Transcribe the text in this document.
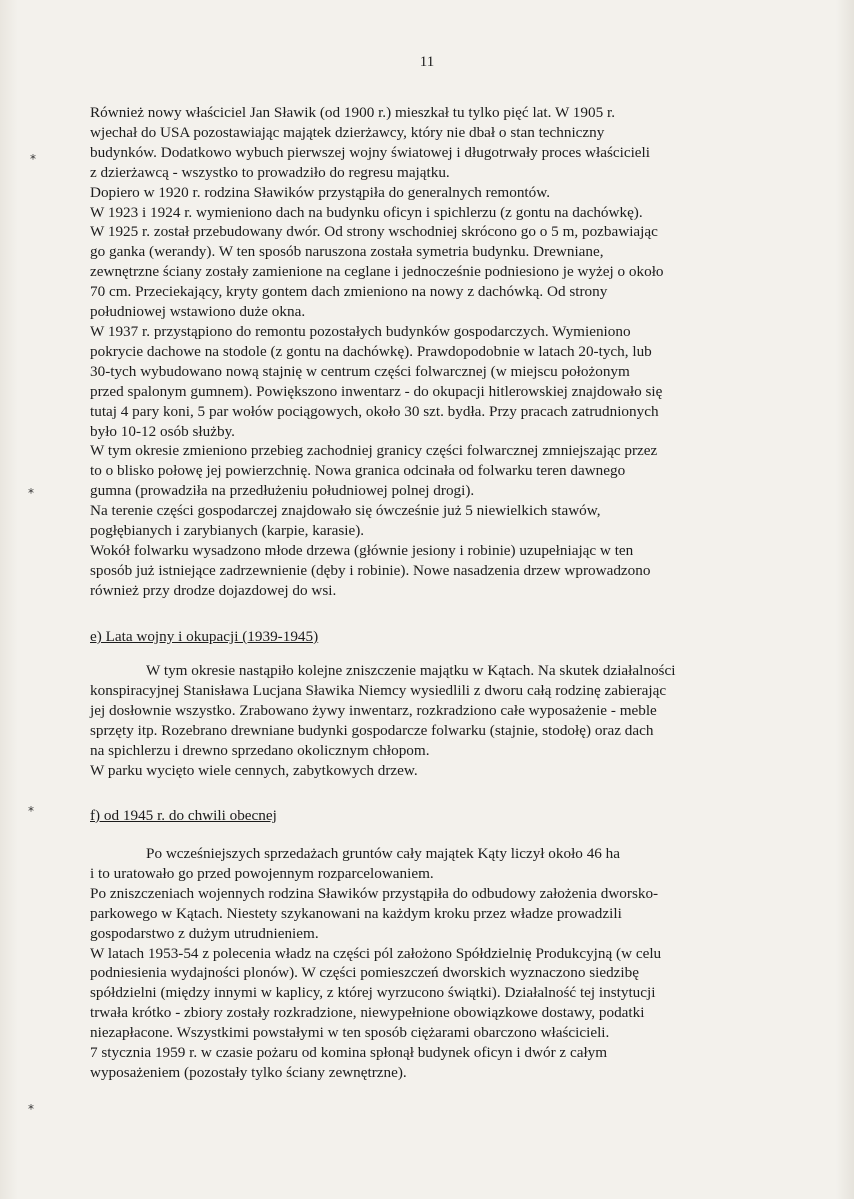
11
*
*
*
*
Również nowy właściciel Jan Sławik (od 1900 r.) mieszkał tu tylko pięć lat. W 1905 r.
wjechał do USA pozostawiając majątek dzierżawcy, który nie dbał o stan techniczny
budynków. Dodatkowo wybuch pierwszej wojny światowej i długotrwały proces właścicieli
z dzierżawcą - wszystko to prowadziło do regresu majątku.
Dopiero w 1920 r. rodzina Sławików przystąpiła do generalnych remontów.
W 1923 i 1924 r. wymieniono dach na budynku oficyn i spichlerzu (z gontu na dachówkę).
W 1925 r. został przebudowany dwór. Od strony wschodniej skrócono go o 5 m, pozbawiając
go ganka (werandy). W ten sposób naruszona została symetria budynku. Drewniane,
zewnętrzne ściany zostały zamienione na ceglane i jednocześnie podniesiono je wyżej o około
70 cm. Przeciekający, kryty gontem dach zmieniono na nowy z dachówką. Od strony
południowej wstawiono duże okna.
W 1937 r. przystąpiono do remontu pozostałych budynków gospodarczych. Wymieniono
pokrycie dachowe na stodole (z gontu na dachówkę). Prawdopodobnie w latach 20-tych, lub
30-tych wybudowano nową stajnię w centrum części folwarcznej (w miejscu położonym
przed spalonym gumnem). Powiększono inwentarz - do okupacji hitlerowskiej znajdowało się
tutaj 4 pary koni, 5 par wołów pociągowych, około 30 szt. bydła. Przy pracach zatrudnionych
było 10-12 osób służby.
W tym okresie zmieniono przebieg zachodniej granicy części folwarcznej zmniejszając przez
to o blisko połowę jej powierzchnię. Nowa granica odcinała od folwarku teren dawnego
gumna (prowadziła na przedłużeniu południowej polnej drogi).
Na terenie części gospodarczej znajdowało się ówcześnie już 5 niewielkich stawów,
pogłębianych i zarybianych (karpie, karasie).
Wokół folwarku wysadzono młode drzewa (głównie jesiony i robinie) uzupełniając w ten
sposób już istniejące zadrzewnienie (dęby i robinie). Nowe nasadzenia drzew wprowadzono
również przy drodze dojazdowej do wsi.
e) Lata wojny i okupacji (1939-1945)
W tym okresie nastąpiło kolejne zniszczenie majątku w Kątach. Na skutek działalności
konspiracyjnej Stanisława Lucjana Sławika Niemcy wysiedlili z dworu całą rodzinę zabierając
jej dosłownie wszystko. Zrabowano żywy inwentarz, rozkradziono całe wyposażenie - meble
sprzęty itp. Rozebrano drewniane budynki gospodarcze folwarku (stajnie, stodołę) oraz dach
na spichlerzu i drewno sprzedano okolicznym chłopom.
W parku wycięto wiele cennych, zabytkowych drzew.
f) od 1945 r. do chwili obecnej
Po wcześniejszych sprzedażach gruntów cały majątek Kąty liczył około 46 ha
i to uratowało go przed powojennym rozparcelowaniem.
Po zniszczeniach wojennych rodzina Sławików przystąpiła do odbudowy założenia dworsko-
parkowego w Kątach. Niestety szykanowani na każdym kroku przez władze prowadzili
gospodarstwo z dużym utrudnieniem.
W latach 1953-54 z polecenia władz na części pól założono Spółdzielnię Produkcyjną (w celu
podniesienia wydajności plonów). W części pomieszczeń dworskich wyznaczono siedzibę
spółdzielni (między innymi w kaplicy, z której wyrzucono świątki). Działalność tej instytucji
trwała krótko - zbiory zostały rozkradzione, niewypełnione obowiązkowe dostawy, podatki
niezapłacone. Wszystkimi powstałymi w ten sposób ciężarami obarczono właścicieli.
7 stycznia 1959 r. w czasie pożaru od komina spłonął budynek oficyn i dwór z całym
wyposażeniem (pozostały tylko ściany zewnętrzne).
